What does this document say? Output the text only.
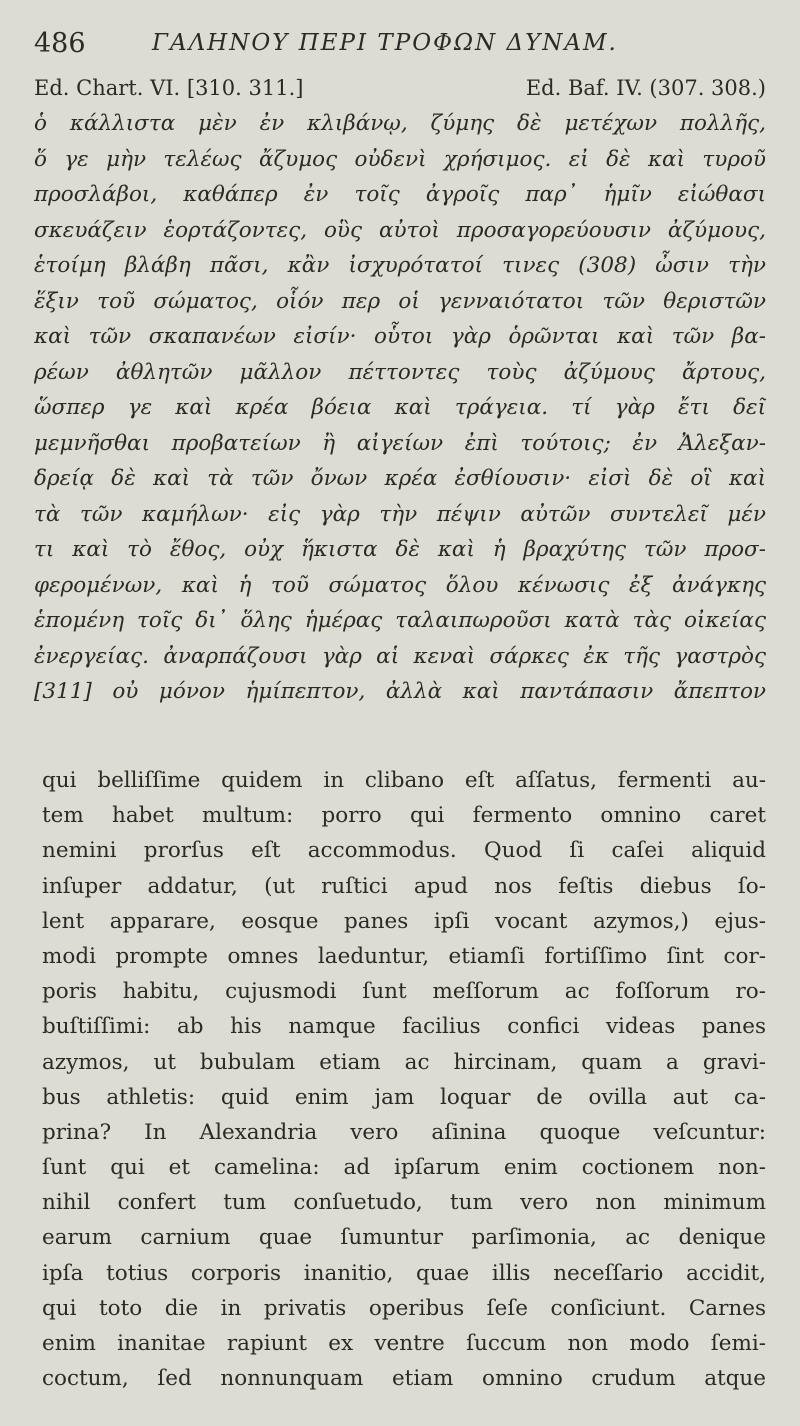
486	ΓΑΛΗΝΟΥ ΠΕΡΙ ΤΡΟΦΩΝ ΔΥΝΑΜ.
Ed. Chart. VI. [310. 311.]	Ed. Baf. IV. (307. 308.)
ὁ κάλλιστα μὲν ἐν κλιβάνῳ, ζύμης δὲ μετέχων πολλῆς,
ὅ γε μὴν τελέως ἄζυμος οὐδενὶ χρήσιμος. εἰ δὲ καὶ τυροῦ
προσλάβοι, καθάπερ ἐν τοῖς ἀγροῖς παρ᾽ ἡμῖν εἰώθασι
σκευάζειν ἑορτάζοντες, οὓς αὐτοὶ προσαγορεύουσιν ἀζύμους,
ἑτοίμη βλάβη πᾶσι, κἂν ἰσχυρότατοί τινες (308) ὦσιν τὴν
ἕξιν τοῦ σώματος, οἷόν περ οἱ γενναιότατοι τῶν θεριστῶν
καὶ τῶν σκαπανέων εἰσίν· οὗτοι γὰρ ὁρῶνται καὶ τῶν βα-
ρέων ἀθλητῶν μᾶλλον πέττοντες τοὺς ἀζύμους ἄρτους,
ὥσπερ γε καὶ κρέα βόεια καὶ τράγεια. τί γὰρ ἔτι δεῖ
μεμνῆσθαι προβατείων ἢ αἰγείων ἐπὶ τούτοις; ἐν Ἀλεξαν-
δρείᾳ δὲ καὶ τὰ τῶν ὄνων κρέα ἐσθίουσιν· εἰσὶ δὲ οἳ καὶ
τὰ τῶν καμήλων· εἰς γὰρ τὴν πέψιν αὐτῶν συντελεῖ μέν
τι καὶ τὸ ἔθος, οὐχ ἥκιστα δὲ καὶ ἡ βραχύτης τῶν προσ-
φερομένων, καὶ ἡ τοῦ σώματος ὅλου κένωσις ἐξ ἀνάγκης
ἑπομένη τοῖς δι᾽ ὅλης ἡμέρας ταλαιπωροῦσι κατὰ τὰς οἰκείας
ἐνεργείας. ἀναρπάζουσι γὰρ αἱ κεναὶ σάρκες ἐκ τῆς γαστρὸς
[311] οὐ μόνον ἡμίπεπτον, ἀλλὰ καὶ παντάπασιν ἄπεπτον
qui belliſſime quidem in clibano eſt aſſatus, fermenti au-
tem habet multum: porro qui fermento omnino caret
nemini prorſus eſt accommodus. Quod ſi caſei aliquid
inſuper addatur, (ut ruſtici apud nos feſtis diebus ſo-
lent apparare, eosque panes ipſi vocant azymos,) ejus-
modi prompte omnes laeduntur, etiamſi fortiſſimo ſint cor-
poris habitu, cujusmodi ſunt meſſorum ac foſſorum ro-
buſtiſſimi: ab his namque facilius confici videas panes
azymos, ut bubulam etiam ac hircinam, quam a gravi-
bus athletis: quid enim jam loquar de ovilla aut ca-
prina? In Alexandria vero aſinina quoque veſcuntur:
ſunt qui et camelina: ad ipſarum enim coctionem non-
nihil confert tum conſuetudo, tum vero non minimum
earum carnium quae ſumuntur parſimonia, ac denique
ipſa totius corporis inanitio, quae illis neceſſario accidit,
qui toto die in privatis operibus ſeſe conſiciunt. Carnes
enim inanitae rapiunt ex ventre ſuccum non modo ſemi-
coctum, ſed nonnunquam etiam omnino crudum atque
